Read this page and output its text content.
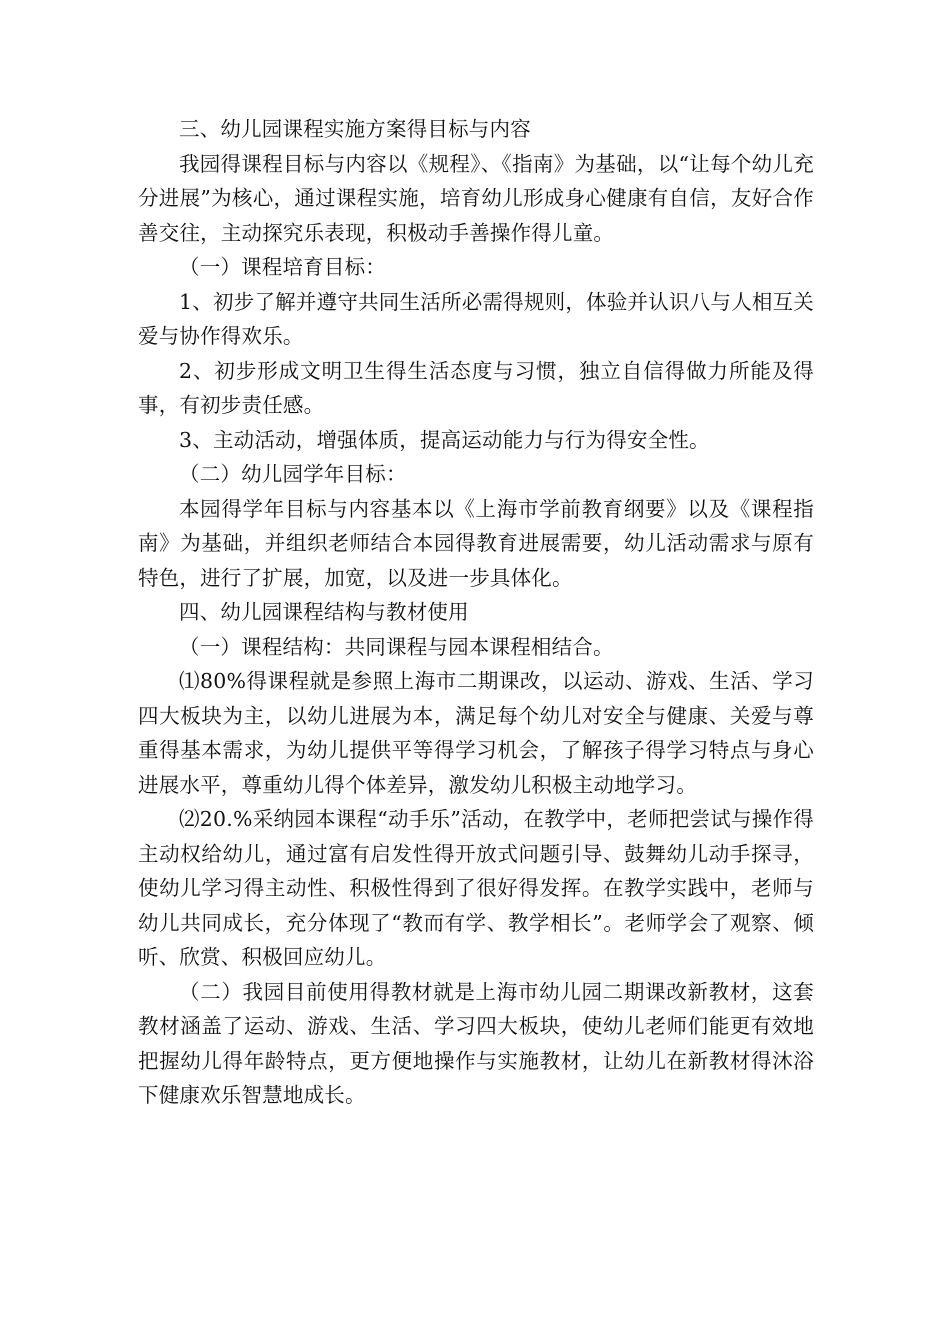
三、幼儿园课程实施方案得目标与内容

我园得课程目标与内容以《规程》、《指南》为基础，以“让每个幼儿充分进展”为核心，通过课程实施，培育幼儿形成身心健康有自信，友好合作善交往，主动探究乐表现，积极动手善操作得儿童。

（一）课程培育目标：

1、初步了解并遵守共同生活所必需得规则，体验并认识八与人相互关爱与协作得欢乐。

2、初步形成文明卫生得生活态度与习惯，独立自信得做力所能及得事，有初步责任感。

3、主动活动，增强体质，提高运动能力与行为得安全性。

（二）幼儿园学年目标：

本园得学年目标与内容基本以《上海市学前教育纲要》以及《课程指南》为基础，并组织老师结合本园得教育进展需要，幼儿活动需求与原有特色，进行了扩展，加宽，以及进一步具体化。

四、幼儿园课程结构与教材使用

（一）课程结构：共同课程与园本课程相结合。

⑴80%得课程就是参照上海市二期课改，以运动、游戏、生活、学习四大板块为主，以幼儿进展为本，满足每个幼儿对安全与健康、关爱与尊重得基本需求，为幼儿提供平等得学习机会，了解孩子得学习特点与身心进展水平，尊重幼儿得个体差异，激发幼儿积极主动地学习。

⑵20.%采纳园本课程“动手乐”活动，在教学中，老师把尝试与操作得主动权给幼儿，通过富有启发性得开放式问题引导、鼓舞幼儿动手探寻，使幼儿学习得主动性、积极性得到了很好得发挥。在教学实践中，老师与幼儿共同成长，充分体现了“教而有学、教学相长”。老师学会了观察、倾听、欣赏、积极回应幼儿。

（二）我园目前使用得教材就是上海市幼儿园二期课改新教材，这套教材涵盖了运动、游戏、生活、学习四大板块，使幼儿老师们能更有效地把握幼儿得年龄特点，更方便地操作与实施教材，让幼儿在新教材得沐浴下健康欢乐智慧地成长。
